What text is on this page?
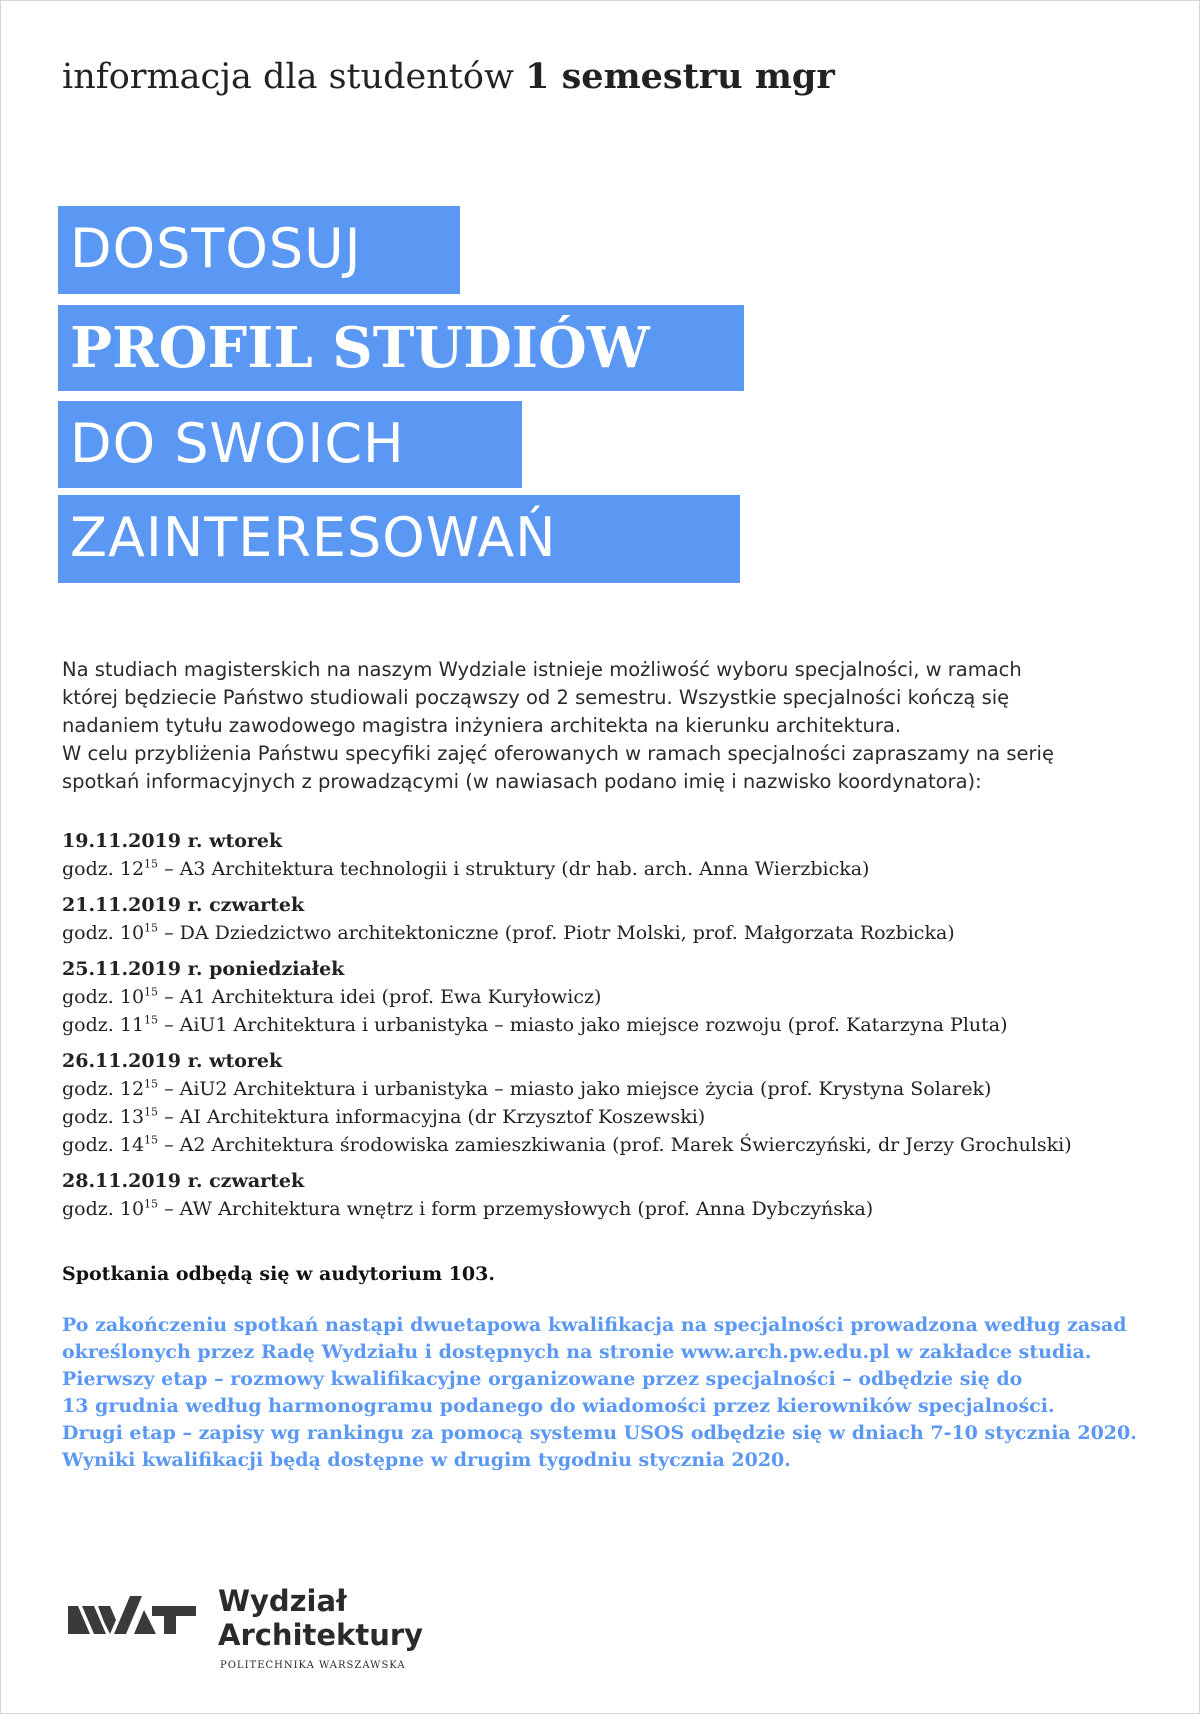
informacja dla studentów 1 semestru mgr
DOSTOSUJ
PROFIL STUDIÓW
DO SWOICH
ZAINTERESOWAŃ
Na studiach magisterskich na naszym Wydziale istnieje możliwość wyboru specjalności, w ramach
której będziecie Państwo studiowali począwszy od 2 semestru. Wszystkie specjalności kończą się
nadaniem tytułu zawodowego magistra inżyniera architekta na kierunku architektura.
W celu przybliżenia Państwu specyfiki zajęć oferowanych w ramach specjalności zapraszamy na serię
spotkań informacyjnych z prowadzącymi (w nawiasach podano imię i nazwisko koordynatora):
19.11.2019 r. wtorek
godz. $12^{15} - A3$ Architektura technologii i struktury (dr hab. arch. Anna Wierzbicka)
21.11.2019 r. czwartek
godz. $10^{15}$ – DA Dziedzictwo architektoniczne (prof. Piotr Molski, prof. Małgorzata Rozbicka)
25.11.2019 r. poniedziałek
godz. $10^{15} - A1$ Architektura idei (prof. Ewa Kuryłowicz)
godz. $11^{15} - AiU1$ Architektura i urbanistyka – miasto jako miejsce rozwoju (prof. Katarzyna Pluta)
26.11.2019 r. wtorek
godz. $12^{15} - AiU2$ Architektura i urbanistyka – miasto jako miejsce życia (prof. Krystyna Solarek)
godz. $13^{15}$ – AI Architektura informacyjna (dr Krzysztof Koszewski)
godz. $14^{15} - A2$ Architektura środowiska zamieszkiwania (prof. Marek Świerczyński, dr Jerzy Grochulski)
28.11.2019 r. czwartek
godz. $10^{15}$ – AW Architektura wnętrz i form przemysłowych (prof. Anna Dybczyńska)
Spotkania odbędą się w audytorium 103.
Po zakończeniu spotkań nastąpi dwuetapowa kwalifikacja na specjalności prowadzona według zasad
określonych przez Radę Wydziału i dostępnych na stronie www.arch.pw.edu.pl w zakładce studia.
Pierwszy etap – rozmowy kwalifikacyjne organizowane przez specjalności – odbędzie się do
13 grudnia według harmonogramu podanego do wiadomości przez kierowników specjalności.
Drugi etap – zapisy wg rankingu za pomocą systemu USOS odbędzie się w dniach 7-10 stycznia 2020.
Wyniki kwalifikacji będą dostępne w drugim tygodniu stycznia 2020.
Wydział
Architektury
POLITECHNIKA WARSZAWSKA
